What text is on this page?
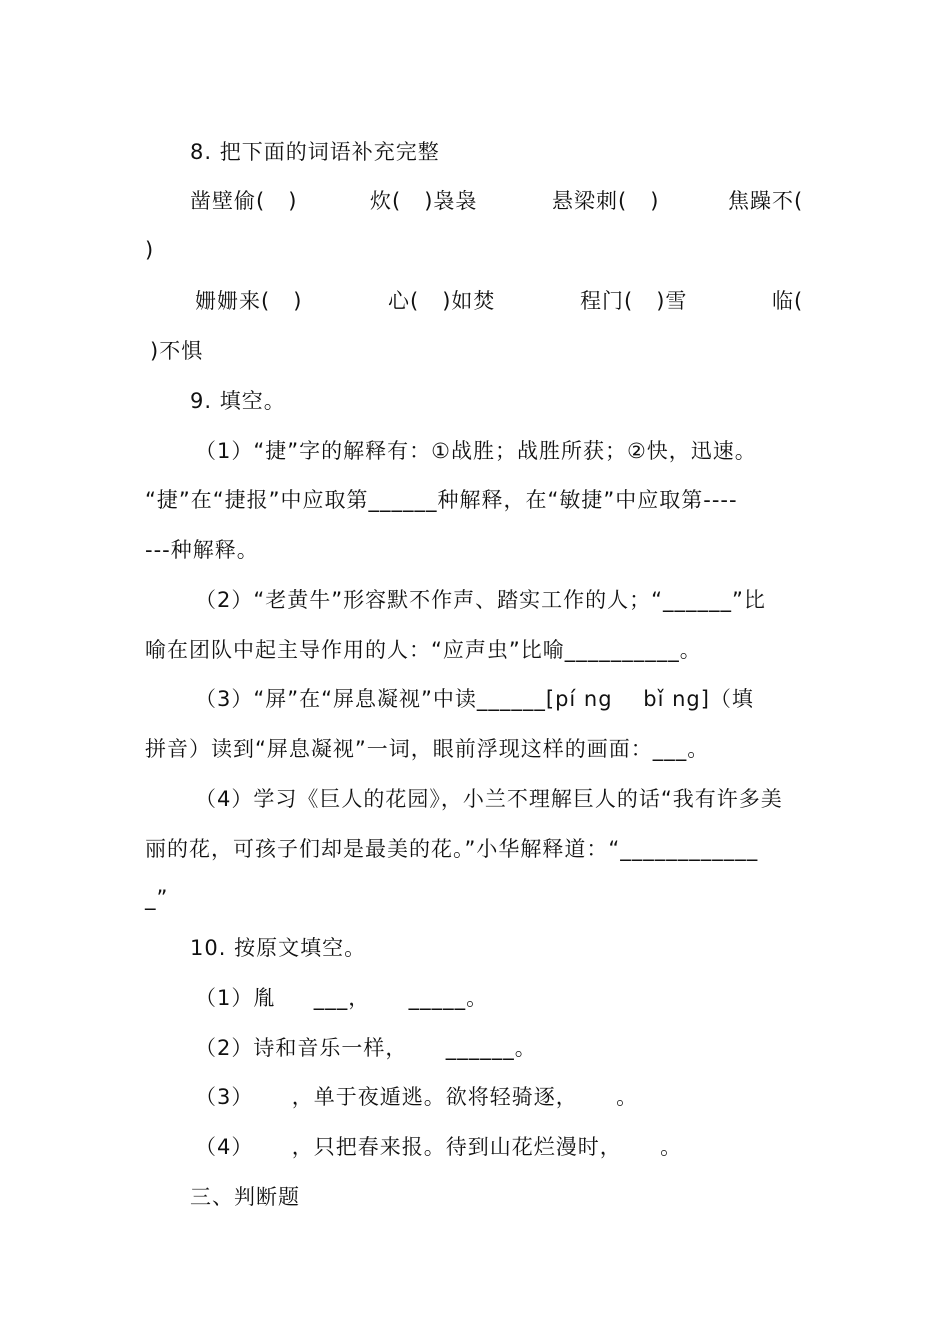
8. 把下面的词语补充完整
凿壁偷(   )	炊(   )袅袅	悬梁刺(   )	焦躁不(
)
姗姗来(   )	心(   )如焚	程门(   )雪	临(
)不惧
9. 填空。
（1）“捷”字的解释有：①战胜；战胜所获；②快，迅速。
“捷”在“捷报”中应取第______种解释，在“敏捷”中应取第----
---种解释。
（2）“老黄牛”形容默不作声、踏实工作的人；“______”比
喻在团队中起主导作用的人：“应声虫”比喻__________。
（3）“屏”在“屏息凝视”中读______[pí ng    bǐ ng]（填
拼音）读到“屏息凝视”一词，眼前浮现这样的画面：___。
（4）学习《巨人的花园》，小兰不理解巨人的话“我有许多美
丽的花，可孩子们却是最美的花。”小华解释道：“____________
_”
10. 按原文填空。
（1）胤     ___，     _____。
（2）诗和音乐一样，     ______。
（3）     ，单于夜遁逃。欲将轻骑逐，     。
（4）     ，只把春来报。待到山花烂漫时，     。
三、判断题
